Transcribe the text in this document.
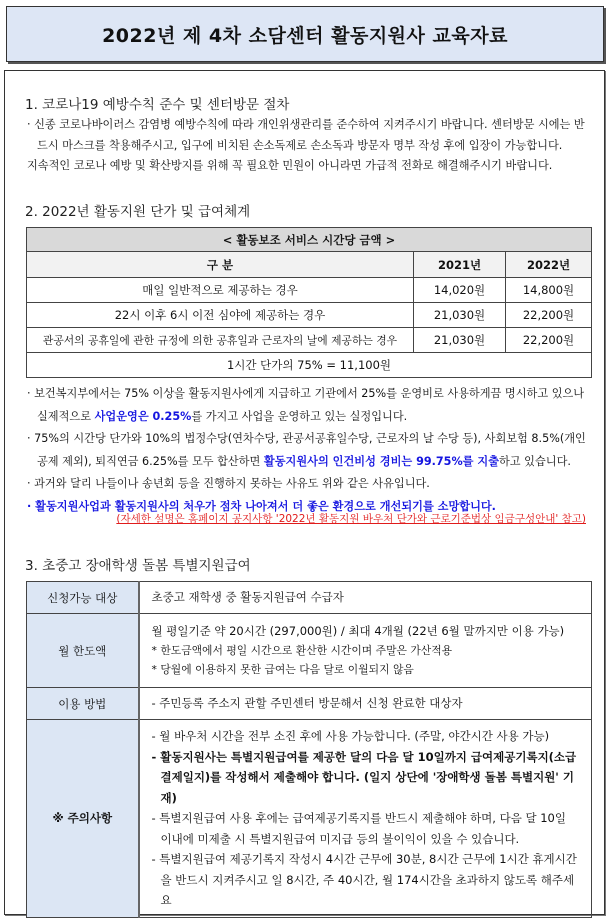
2022년 제 4차 소담센터 활동지원사 교육자료
1. 코로나19 예방수칙 준수 및 센터방문 절차

· 신종 코로나바이러스 감염병 예방수칙에 따라 개인위생관리를 준수하여 지켜주시기 바랍니다. 센터방문 시에는 반드시 마스크를 착용해주시고, 입구에 비치된 손소독제로 손소독과 방문자 명부 작성 후에 입장이 가능합니다.

지속적인 코로나 예방 및 확산방지를 위해 꼭 필요한 민원이 아니라면 가급적 전화로 해결해주시기 바랍니다.

2. 2022년 활동지원 단가 및 급여체계
< 활동보조 서비스 시간당 금액 >		
구 분	2021년	2022년
매일 일반적으로 제공하는 경우	14,020원	14,800원
22시 이후 6시 이전 심야에 제공하는 경우	21,030원	22,200원
관공서의 공휴일에 관한 규정에 의한 공휴일과 근로자의 날에 제공하는 경우	21,030원	22,200원
1시간 단가의 75% = 11,100원		

· 보건복지부에서는 75% 이상을 활동지원사에게 지급하고 기관에서 25%를 운영비로 사용하게끔 명시하고 있으나 실제적으로 사업운영은 0.25%를 가지고 사업을 운영하고 있는 실정입니다.

· 75%의 시간당 단가와 10%의 법정수당(연차수당, 관공서공휴일수당, 근로자의 날 수당 등), 사회보험 8.5%(개인공제 제외), 퇴직연금 6.25%를 모두 합산하면 활동지원사의 인건비성 경비는 99.75%를 지출하고 있습니다.

· 과거와 달리 나들이나 송년회 등을 진행하지 못하는 사유도 위와 같은 사유입니다.

· 활동지원사업과 활동지원사의 처우가 점차 나아져서 더 좋은 환경으로 개선되기를 소망합니다.

(자세한 설명은 홈페이지 공지사항 '2022년 활동지원 바우처 단가와 근로기준법상 임금구성안내' 참고)
3. 초중고 장애학생 돌봄 특별지원급여
신청가능 대상	초중고 재학생 중 활동지원급여 수급자

월 한도액	월 평일기준 약 20시간 (297,000원) / 최대 4개월 (22년 6월 말까지만 이용 가능)

* 한도금액에서 평일 시간으로 환산한 시간이며 주말은 가산적용

* 당월에 이용하지 못한 급여는 다음 달로 이월되지 않음

이용 방법	- 주민등록 주소지 관할 주민센터 방문해서 신청 완료한 대상자

※ 주의사항	- 월 바우처 시간을 전부 소진 후에 사용 가능합니다. (주말, 야간시간 사용 가능)

- 활동지원사는 특별지원급여를 제공한 달의 다음 달 10일까지 급여제공기록지(소급결제일지)를 작성해서 제출해야 합니다. (일지 상단에 '장애학생 돌봄 특별지원' 기재)

- 특별지원급여 사용 후에는 급여제공기록지를 반드시 제출해야 하며, 다음 달 10일 이내에 미제출 시 특별지원급여 미지급 등의 불이익이 있을 수 있습니다.

- 특별지원급여 제공기록지 작성시 4시간 근무에 30분, 8시간 근무에 1시간 휴게시간을 반드시 지켜주시고 일 8시간, 주 40시간, 월 174시간을 초과하지 않도록 해주세요
